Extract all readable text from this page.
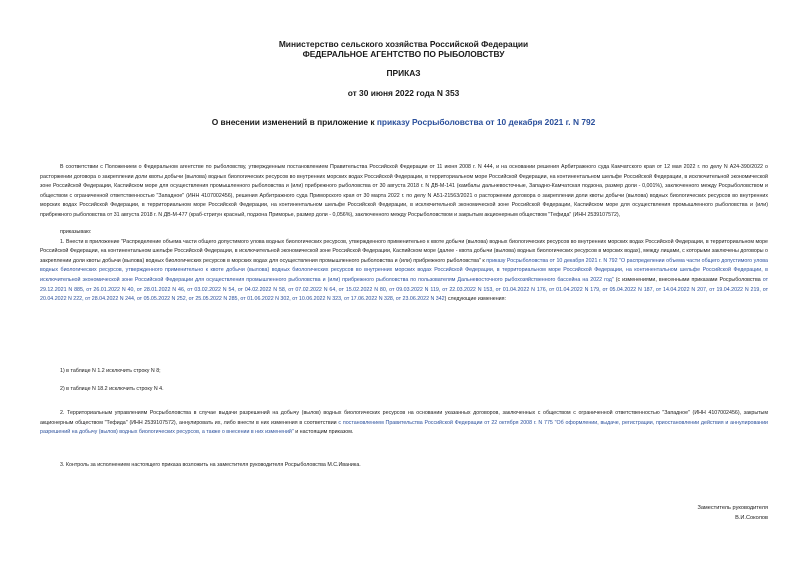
Министерство сельского хозяйства Российской Федерации
ФЕДЕРАЛЬНОЕ АГЕНТСТВО ПО РЫБОЛОВСТВУ
ПРИКАЗ
от 30 июня 2022 года N 353
О внесении изменений в приложение к приказу Росрыболовства от 10 декабря 2021 г. N 792

В соответствии с Положением о Федеральном агентстве по рыболовству, утвержденным постановлением Правительства Российской Федерации от 11 июня 2008 г. N 444, и на основании решения Арбитражного суда Камчатского края от 12 мая 2022 г. по делу N А24-390/2022 о расторжении договора о закреплении доли квоты добычи (вылова) водных биологических ресурсов во внутренних морских водах Российской Федерации, в территориальном море Российской Федерации, на континентальном шельфе Российской Федерации, в исключительной экономической зоне Российской Федерации, Каспийском море для осуществления промышленного рыболовства и (или) прибрежного рыболовства от 30 августа 2018 г. N ДВ-М-141 (камбалы дальневосточные, Западно-Камчатская подзона, размер доли - 0,001%), заключенного между Росрыболовством и обществом с ограниченной ответственностью "Западное" (ИНН 4107002456), решения Арбитражного суда Приморского края от 30 марта 2022 г. по делу N А51-21563/2021 о расторжении договора о закреплении доли квоты добычи (вылова) водных биологических ресурсов во внутренних морских водах Российской Федерации, в территориальном море Российской Федерации, на континентальном шельфе Российской Федерации, в исключительной экономической зоне Российской Федерации, Каспийском море для осуществления промышленного рыболовства и (или) прибрежного рыболовства от 31 августа 2018 г. N ДВ-М-477 (краб-стригун красный, подзона Приморье, размер доли - 0,056%), заключенного между Росрыболовством и закрытым акционерным обществом "Тефида" (ИНН 2539107572),

приказываю:

1. Внести в приложение "Распределение объема части общего допустимого улова водных биологических ресурсов, утвержденного применительно к квоте добычи (вылова) водных биологических ресурсов во внутренних морских водах Российской Федерации, в территориальном море Российской Федерации, на континентальном шельфе Российской Федерации, в исключительной экономической зоне Российской Федерации, Каспийском море (далее - квота добычи (вылова) водных биологических ресурсов в морских водах), между лицами, с которыми заключены договоры о закреплении доли квоты добычи (вылова) водных биологических ресурсов в морских водах для осуществления промышленного рыболовства и (или) прибрежного рыболовства" к приказу Росрыболовства от 10 декабря 2021 г. N 792 "О распределении объема части общего допустимого улова водных биологических ресурсов, утвержденного применительно к квоте добычи (вылова) водных биологических ресурсов во внутренних морских водах Российской Федерации, в территориальном море Российской Федерации, на континентальном шельфе Российской Федерации, в исключительной экономической зоне Российской Федерации для осуществления промышленного рыболовства и (или) прибрежного рыболовства по пользователям Дальневосточного рыбохозяйственного бассейна на 2022 год" (с изменениями, внесенными приказами Росрыболовства от 29.12.2021 N 885, от 26.01.2022 N 40, от 28.01.2022 N 46, от 03.02.2022 N 54, от 04.02.2022 N 58, от 07.02.2022 N 64, от 15.02.2022 N 80, от 09.03.2022 N 119, от 22.03.2022 N 153, от 01.04.2022 N 176, от 01.04.2022 N 179, от 05.04.2022 N 187, от 14.04.2022 N 207, от 19.04.2022 N 219, от 20.04.2022 N 222, от 28.04.2022 N 244, от 05.05.2022 N 252, от 25.05.2022 N 285, от 01.06.2022 N 302, от 10.06.2022 N 323, от 17.06.2022 N 328, от 23.06.2022 N 342) следующие изменения:

1) в таблице N 1.2 исключить строку N 8;

2) в таблице N 18.2 исключить строку N 4.

2. Территориальным управлениям Росрыболовства в случае выдачи разрешений на добычу (вылов) водных биологических ресурсов на основании указанных договоров, заключенных с обществом с ограниченной ответственностью "Западное" (ИНН 4107002456), закрытым акционерным обществом "Тефида" (ИНН 2539107572), аннулировать их, либо внести в них изменения в соответствии с постановлением Правительства Российской Федерации от 22 октября 2008 г. N 775 "Об оформлении, выдаче, регистрации, приостановлении действия и аннулировании разрешений на добычу (вылов) водных биологических ресурсов, а также о внесении в них изменений" и настоящим приказом.

3. Контроль за исполнением настоящего приказа возложить на заместителя руководителя Росрыболовства М.С.Иваника.

Заместитель руководителя
В.И.Соколов
